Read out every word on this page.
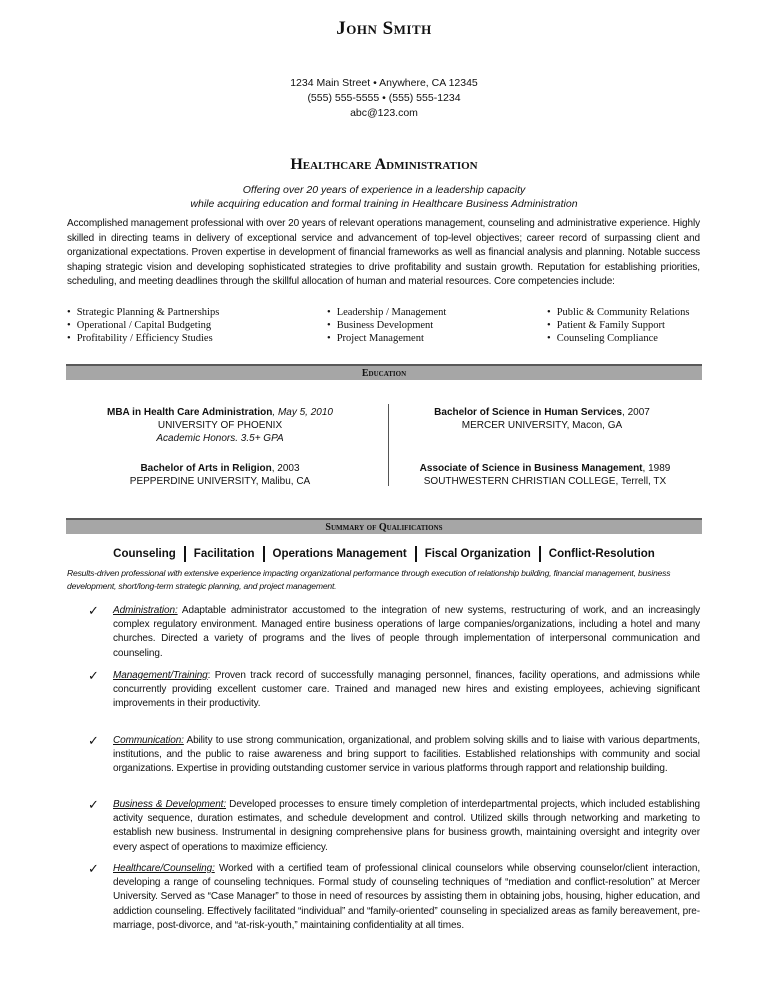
John Smith
1234 Main Street • Anywhere, CA 12345
(555) 555-5555 • (555) 555-1234
abc@123.com
Healthcare Administration
Offering over 20 years of experience in a leadership capacity
while acquiring education and formal training in Healthcare Business Administration
Accomplished management professional with over 20 years of relevant operations management, counseling and administrative experience. Highly skilled in directing teams in delivery of exceptional service and advancement of top-level objectives; career record of surpassing client and organizational expectations. Proven expertise in development of financial frameworks as well as financial analysis and planning. Notable success shaping strategic vision and developing sophisticated strategies to drive profitability and sustain growth. Reputation for establishing priorities, scheduling, and meeting deadlines through the skillful allocation of human and material resources. Core competencies include:
• Strategic Planning & Partnerships
• Operational / Capital Budgeting
• Profitability / Efficiency Studies
• Leadership / Management
• Business Development
• Project Management
• Public & Community Relations
• Patient & Family Support
• Counseling Compliance
Education
MBA in Health Care Administration, May 5, 2010
UNIVERSITY OF PHOENIX
Academic Honors. 3.5+ GPA
Bachelor of Science in Human Services, 2007
MERCER UNIVERSITY, Macon, GA
Bachelor of Arts in Religion, 2003
PEPPERDINE UNIVERSITY, Malibu, CA
Associate of Science in Business Management, 1989
SOUTHWESTERN CHRISTIAN COLLEGE, Terrell, TX
Summary of Qualifications
Counseling Facilitation Operations Management Fiscal Organization Conflict-Resolution
Results-driven professional with extensive experience impacting organizational performance through execution of relationship building, financial management, business development, short/long-term strategic planning, and project management.
✓	Administration: Adaptable administrator accustomed to the integration of new systems, restructuring of work, and an increasingly complex regulatory environment. Managed entire business operations of large companies/organizations, including a hotel and many churches. Directed a variety of programs and the lives of people through implementation of interpersonal communication and counseling.
✓	Management/Training: Proven track record of successfully managing personnel, finances, facility operations, and admissions while concurrently providing excellent customer care. Trained and managed new hires and existing employees, achieving significant improvements in their productivity.
✓	Communication: Ability to use strong communication, organizational, and problem solving skills and to liaise with various departments, institutions, and the public to raise awareness and bring support to facilities. Established relationships with community and social organizations. Expertise in providing outstanding customer service in various platforms through rapport and relationship building.
✓	Business & Development: Developed processes to ensure timely completion of interdepartmental projects, which included establishing activity sequence, duration estimates, and schedule development and control. Utilized skills through networking and marketing to establish new business. Instrumental in designing comprehensive plans for business growth, maintaining oversight and integrity over every aspect of operations to maximize efficiency.
✓	Healthcare/Counseling: Worked with a certified team of professional clinical counselors while observing counselor/client interaction, developing a range of counseling techniques. Formal study of counseling techniques of “mediation and conflict-resolution” at Mercer University. Served as “Case Manager” to those in need of resources by assisting them in obtaining jobs, housing, higher education, and addiction counseling. Effectively facilitated “individual” and “family-oriented” counseling in specialized areas as family bereavement, pre-marriage, post-divorce, and “at-risk-youth,” maintaining confidentiality at all times.
